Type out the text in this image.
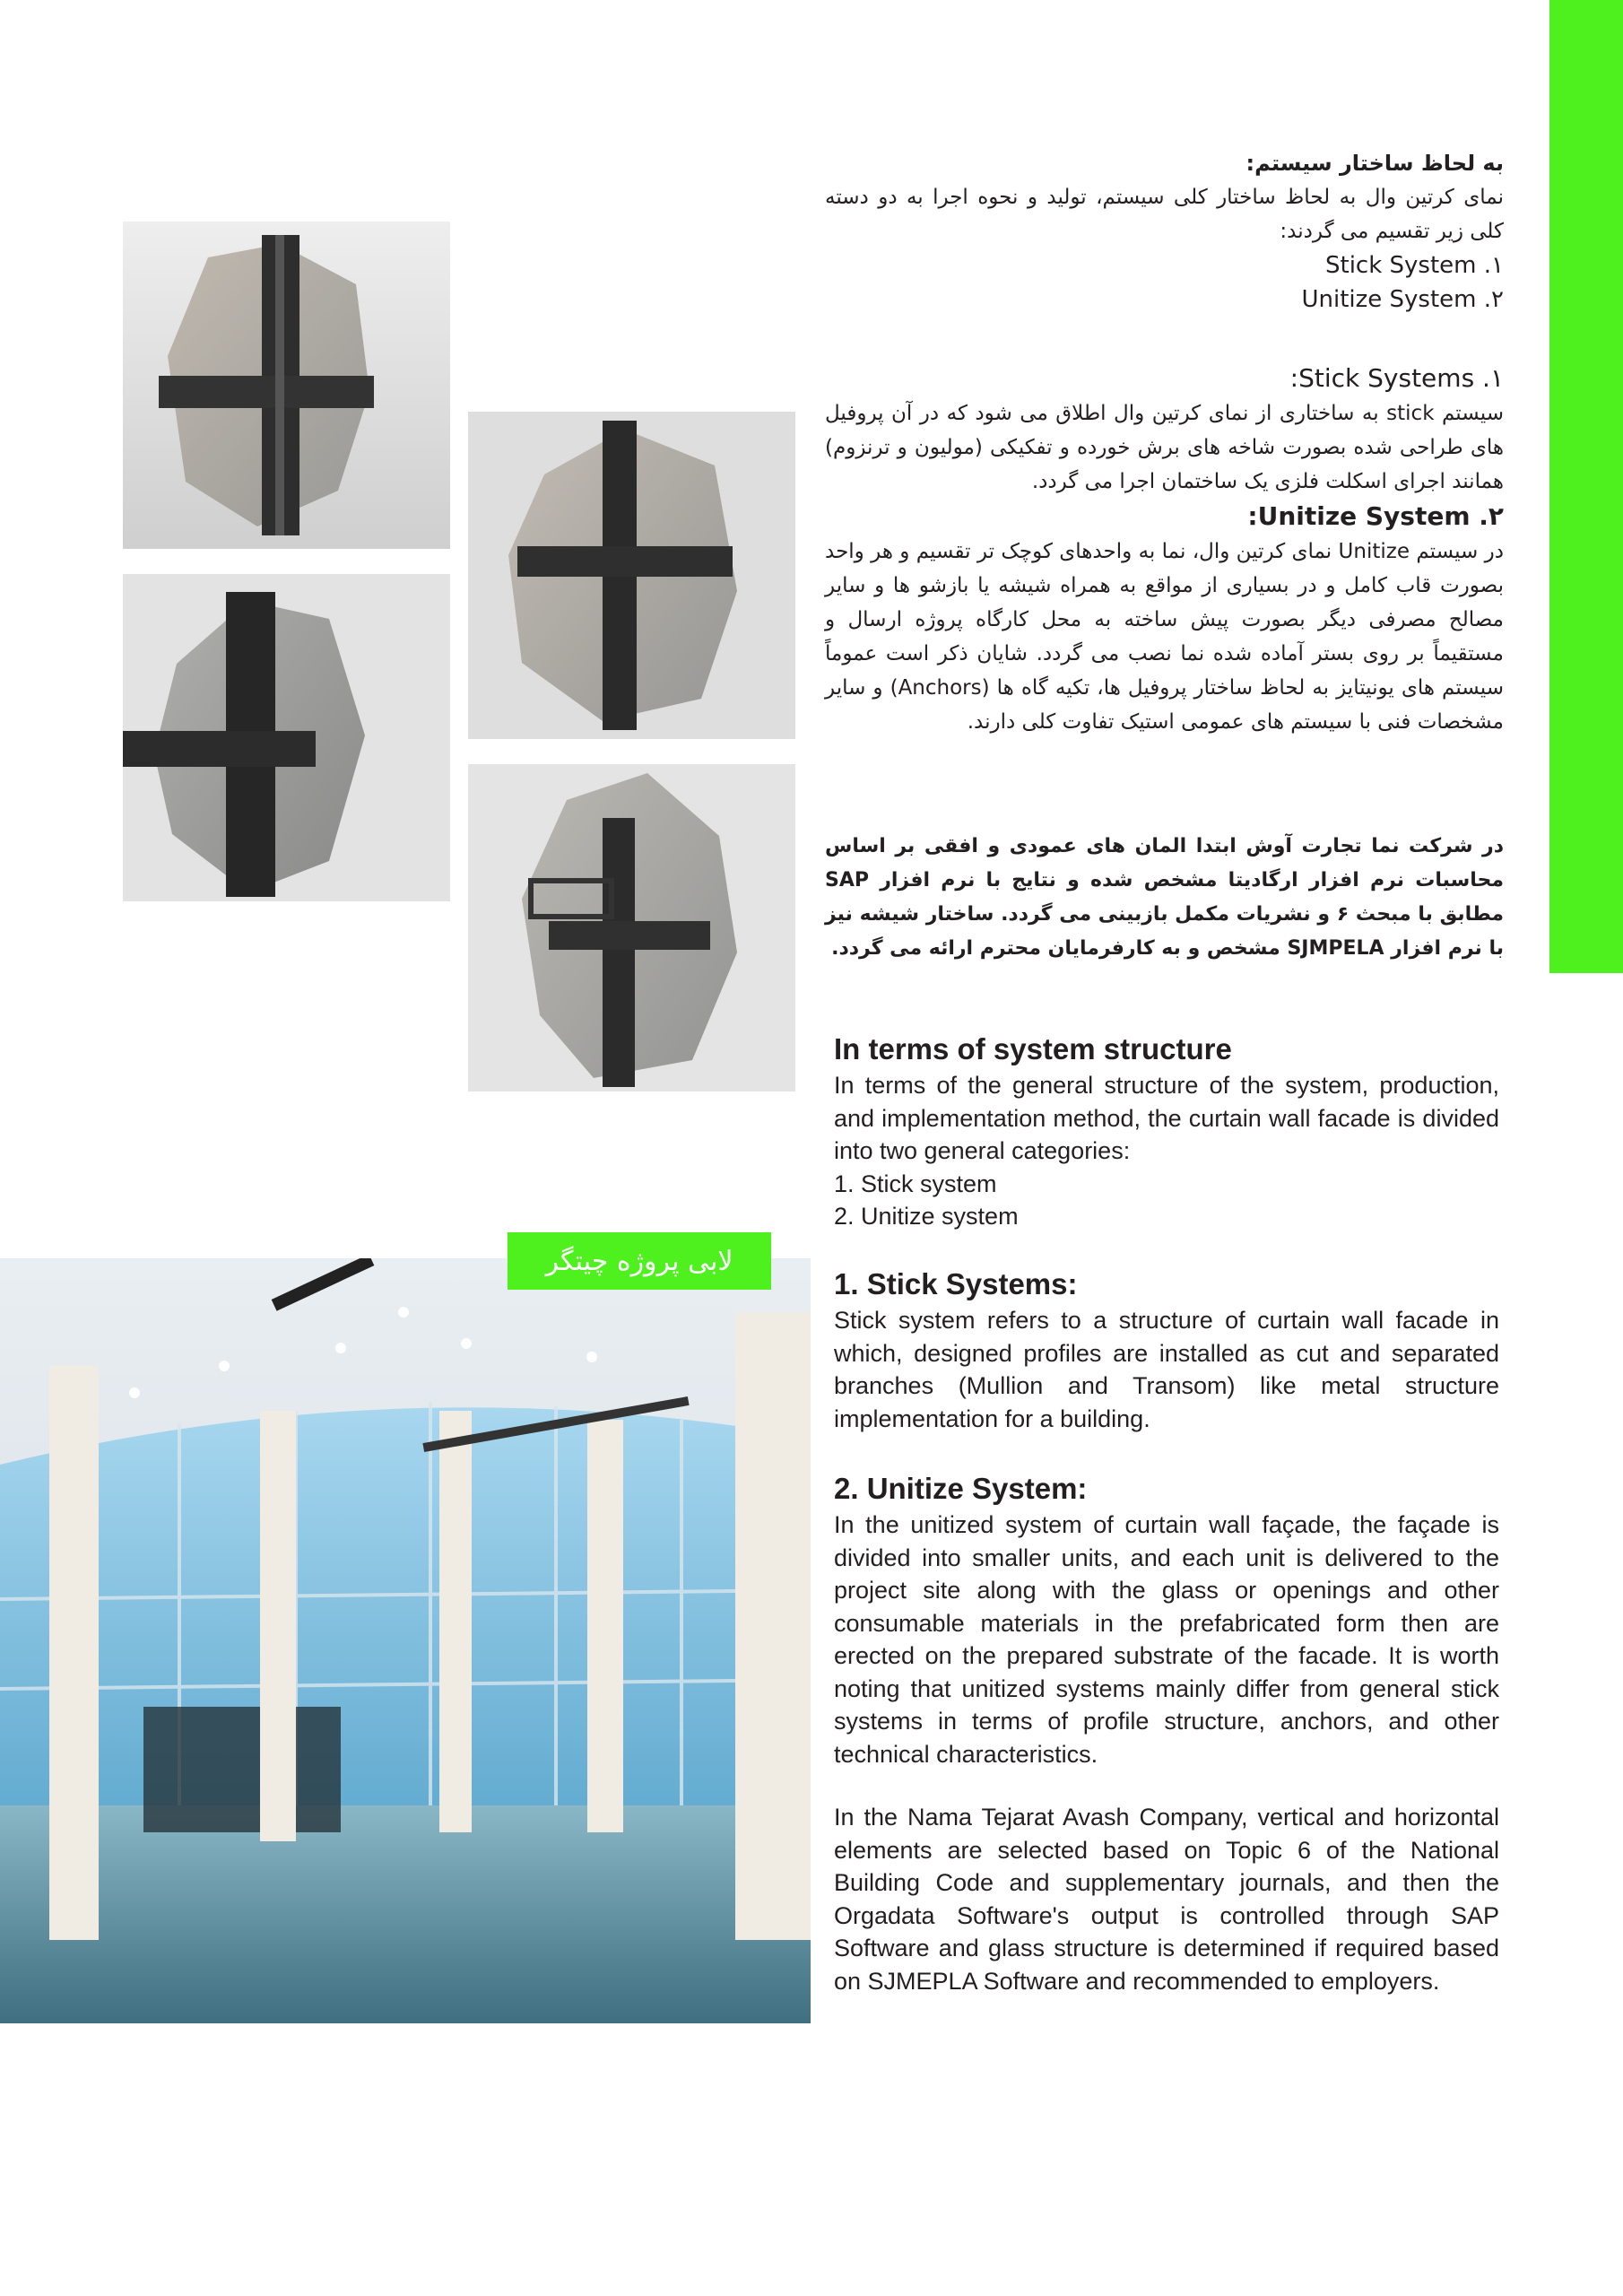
لابی پروژه چیتگر

به لحاظ ساختار سیستم:

نمای کرتین وال به لحاظ ساختار کلی سیستم، تولید و نحوه اجرا به دو دسته کلی زیر تقسیم می گردند:

Stick System .۱

Unitize System .۲

Stick Systems .۱:

سیستم stick به ساختاری از نمای کرتین وال اطلاق می شود که در آن پروفیل های طراحی شده بصورت شاخه های برش خورده و تفکیکی (مولیون و ترنزوم) همانند اجرای اسکلت فلزی یک ساختمان اجرا می گردد.

Unitize System .۲:

در سیستم Unitize نمای کرتین وال، نما به واحدهای کوچک تر تقسیم و هر واحد بصورت قاب کامل و در بسیاری از مواقع به همراه شیشه یا بازشو ها و سایر مصالح مصرفی دیگر بصورت پیش ساخته به محل کارگاه پروژه ارسال و مستقیماً بر روی بستر آماده شده نما نصب می گردد. شایان ذکر است عموماً سیستم های یونیتایز به لحاظ ساختار پروفیل ها، تکیه گاه ها (Anchors) و سایر مشخصات فنی با سیستم های عمومی استیک تفاوت کلی دارند.

در شرکت نما تجارت آوش ابتدا المان های عمودی و افقی بر اساس محاسبات نرم افزار ارگادیتا مشخص شده و نتایج با نرم افزار SAP مطابق با مبحث ۶ و نشریات مکمل بازبینی می گردد. ساختار شیشه نیز با نرم افزار SJMPELA مشخص و به کارفرمایان محترم ارائه می گردد.

In terms of system structure

In terms of the general structure of the system, production, and implementation method, the curtain wall facade is divided into two general categories:

1. Stick system

2. Unitize system

1. Stick Systems:

Stick system refers to a structure of curtain wall facade in which, designed profiles are installed as cut and separated branches (Mullion and Transom) like metal structure implementation for a building.

2. Unitize System:

In the unitized system of curtain wall façade, the façade is divided into smaller units, and each unit is delivered to the project site along with the glass or openings and other consumable materials in the prefabricated form then are erected on the prepared substrate of the facade. It is worth noting that unitized systems mainly differ from general stick systems in terms of profile structure, anchors, and other technical characteristics.

In the Nama Tejarat Avash Company, vertical and horizontal elements are selected based on Topic 6 of the National Building Code and supplementary journals, and then the Orgadata Software's output is controlled through SAP Software and glass structure is determined if required based on SJMEPLA Software and recommended to employers.
